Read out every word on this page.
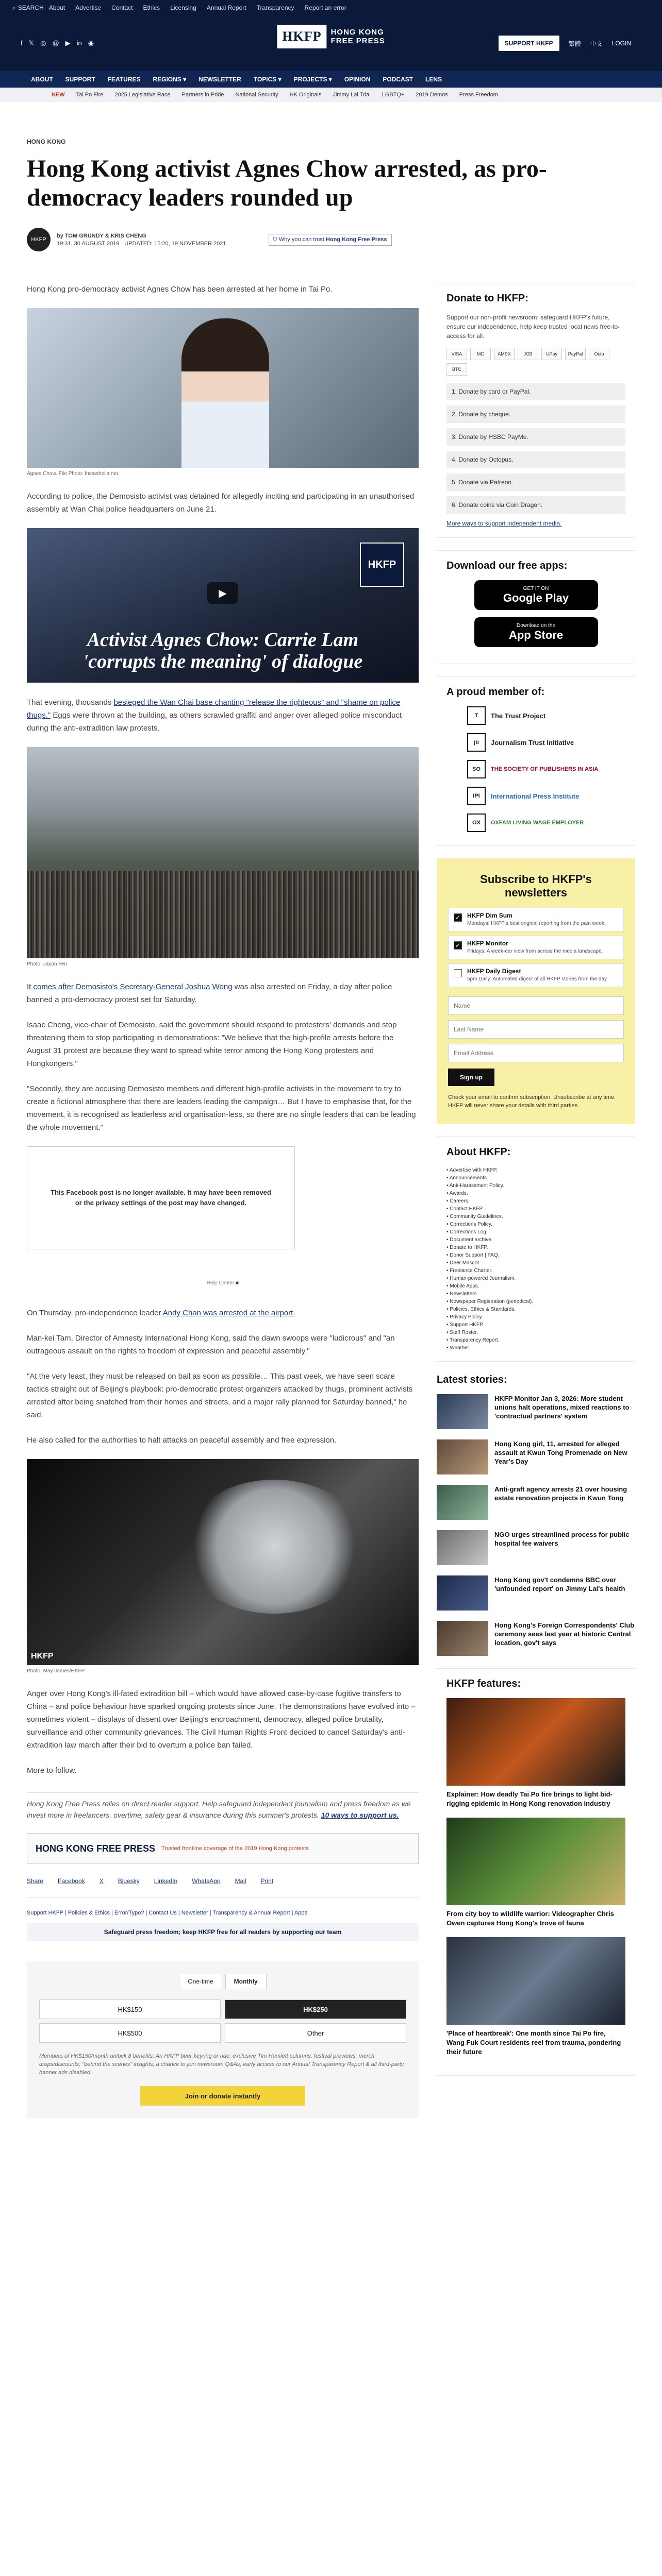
⌕ SEARCH About Advertise Contact Ethics Licensing Annual Report Transparency Report an error
f 𝕏 ◎ @ ▶ in ◉	HKFP	HONG KONG
FREE PRESS	SUPPORT HKFP	繁體 中文 LOGIN
ABOUT SUPPORT FEATURES REGIONS ▾ NEWSLETTER TOPICS ▾ PROJECTS ▾ OPINION PODCAST LENS
NEW Tai Po Fire 2025 Legislative Race Partners in Pride National Security HK Originals Jimmy Lai Trial LGBTQ+ 2019 Demos Press Freedom
HONG KONG
Hong Kong activist Agnes Chow arrested, as pro-democracy leaders rounded up
HKFP
by TOM GRUNDY & KRIS CHENG
19:31, 30 AUGUST 2019 · UPDATED: 15:20, 19 NOVEMBER 2021
⛉ Why you can trust Hong Kong Free Press

Hong Kong pro-democracy activist Agnes Chow has been arrested at her home in Tai Po.

Agnes Chow. File Photo: Instasheila.net.

According to police, the Demosisto activist was detained for allegedly inciting and participating in an unauthorised assembly at Wan Chai police headquarters on June 21.

HKFP
▶
Activist Agnes Chow: Carrie Lam 'corrupts the meaning' of dialogue

That evening, thousands besieged the Wan Chai base chanting "release the righteous" and "shame on police thugs." Eggs were thrown at the building, as others scrawled graffiti and anger over alleged police misconduct during the anti-extradition law protests.

Photo: Jason Yen

It comes after Demosisto's Secretary-General Joshua Wong was also arrested on Friday, a day after police banned a pro-democracy protest set for Saturday.

Isaac Cheng, vice-chair of Demosisto, said the government should respond to protesters' demands and stop threatening them to stop participating in demonstrations: "We believe that the high-profile arrests before the August 31 protest are because they want to spread white terror among the Hong Kong protesters and Hongkongers."

"Secondly, they are accusing Demosisto members and different high-profile activists in the movement to try to create a fictional atmosphere that there are leaders leading the campaign… But I have to emphasise that, for the movement, it is recognised as leaderless and organisation-less, so there are no single leaders that can be leading the whole movement."

This Facebook post is no longer available. It may have been removed or the privacy settings of the post may have changed.
Help Center ■

On Thursday, pro-independence leader Andy Chan was arrested at the airport.

Man-kei Tam, Director of Amnesty International Hong Kong, said the dawn swoops were "ludicrous" and "an outrageous assault on the rights to freedom of expression and peaceful assembly."

"At the very least, they must be released on bail as soon as possible… This past week, we have seen scare tactics straight out of Beijing's playbook: pro-democratic protest organizers attacked by thugs, prominent activists arrested after being snatched from their homes and streets, and a major rally planned for Saturday banned," he said.

He also called for the authorities to halt attacks on peaceful assembly and free expression.

HKFP
Photo: May James/HKFP.

Anger over Hong Kong's ill-fated extradition bill – which would have allowed case-by-case fugitive transfers to China – and police behaviour have sparked ongoing protests since June. The demonstrations have evolved into – sometimes violent – displays of dissent over Beijing's encroachment, democracy, alleged police brutality, surveillance and other community grievances. The Civil Human Rights Front decided to cancel Saturday's anti-extradition law march after their bid to overturn a police ban failed.

More to follow.

Hong Kong Free Press relies on direct reader support. Help safeguard independent journalism and press freedom as we invest more in freelancers, overtime, safety gear & insurance during this summer's protests. 10 ways to support us.

HONG KONG FREE PRESS Trusted frontline coverage of the 2019 Hong Kong protests
Share Facebook X Bluesky LinkedIn WhatsApp Mail Print
Support HKFP | Policies & Ethics | Error/Typo? | Contact Us | Newsletter | Transparency & Annual Report | Apps
Safeguard press freedom; keep HKFP free for all readers by supporting our team
One-time	Monthly
HK$150	HK$250
HK$500	Other
Members of HK$150/month unlock 8 benefits: An HKFP beer keyring or ride; exclusive Tim Hamlett columns; festival previews; merch drops/discounts; "behind the scenes" insights; a chance to join newsroom Q&As; early access to our Annual Transparency Report & all third-party banner ads disabled.
Join or donate instantly
Donate to HKFP:

Support our non-profit newsroom: safeguard HKFP's future, ensure our independence, help keep trusted local news free-to-access for all.

VISA	MC	AMEX	JCB	UPay	PayPal	Octo
BTC
1. Donate by card or PayPal.
2. Donate by cheque.
3. Donate by HSBC PayMe.
4. Donate by Octopus.
5. Donate via Patreon.
6. Donate coins via Coin Dragon.
More ways to support independent media.
Download our free apps:
GET IT ON
Google Play
Download on the
App Store
A proud member of:
T	The Trust Project
jti	Journalism Trust Initiative
SO	THE SOCIETY OF PUBLISHERS IN ASIA
IPI	International Press Institute
OX	OXFAM LIVING WAGE EMPLOYER
Subscribe to HKFP's newsletters
✓ HKFP Dim Sum
Mondays: HKFP's best original reporting from the past week.
✓ HKFP Monitor
Fridays: A week-ear view from across the media landscape.
HKFP Daily Digest
5pm Daily: Automated digest of all HKFP stories from the day.
Name Last Name Email Address
Sign up

Check your email to confirm subscription. Unsubscribe at any time. HKFP will never share your details with third parties.

About HKFP:
• Advertise with HKFP.
• Announcements.
• Anti-Harassment Policy.
• Awards.
• Careers.
• Contact HKFP.
• Community Guidelines.
• Corrections Policy.
• Corrections Log.
• Document archive.
• Donate to HKFP.
• Donor Support | FAQ.
• Deer Mascot.
• Freelance Charter.
• Human-powered Journalism.
• Mobile Apps.
• Newsletters.
• Newspaper Registration (periodical).
• Policies, Ethics & Standards.
• Privacy Policy.
• Support HKFP.
• Staff Roster.
• Transparency Report.
• Weather.
Latest stories:
HKFP Monitor Jan 3, 2026: More student unions halt operations, mixed reactions to 'contractual partners' system
Hong Kong girl, 11, arrested for alleged assault at Kwun Tong Promenade on New Year's Day
Anti-graft agency arrests 21 over housing estate renovation projects in Kwun Tong
NGO urges streamlined process for public hospital fee waivers
Hong Kong gov't condemns BBC over 'unfounded report' on Jimmy Lai's health
Hong Kong's Foreign Correspondents' Club ceremony sees last year at historic Central location, gov't says
HKFP features:
Explainer: How deadly Tai Po fire brings to light bid-rigging epidemic in Hong Kong renovation industry
From city boy to wildlife warrior: Videographer Chris Owen captures Hong Kong's trove of fauna
'Place of heartbreak': One month since Tai Po fire, Wang Fuk Court residents reel from trauma, pondering their future
